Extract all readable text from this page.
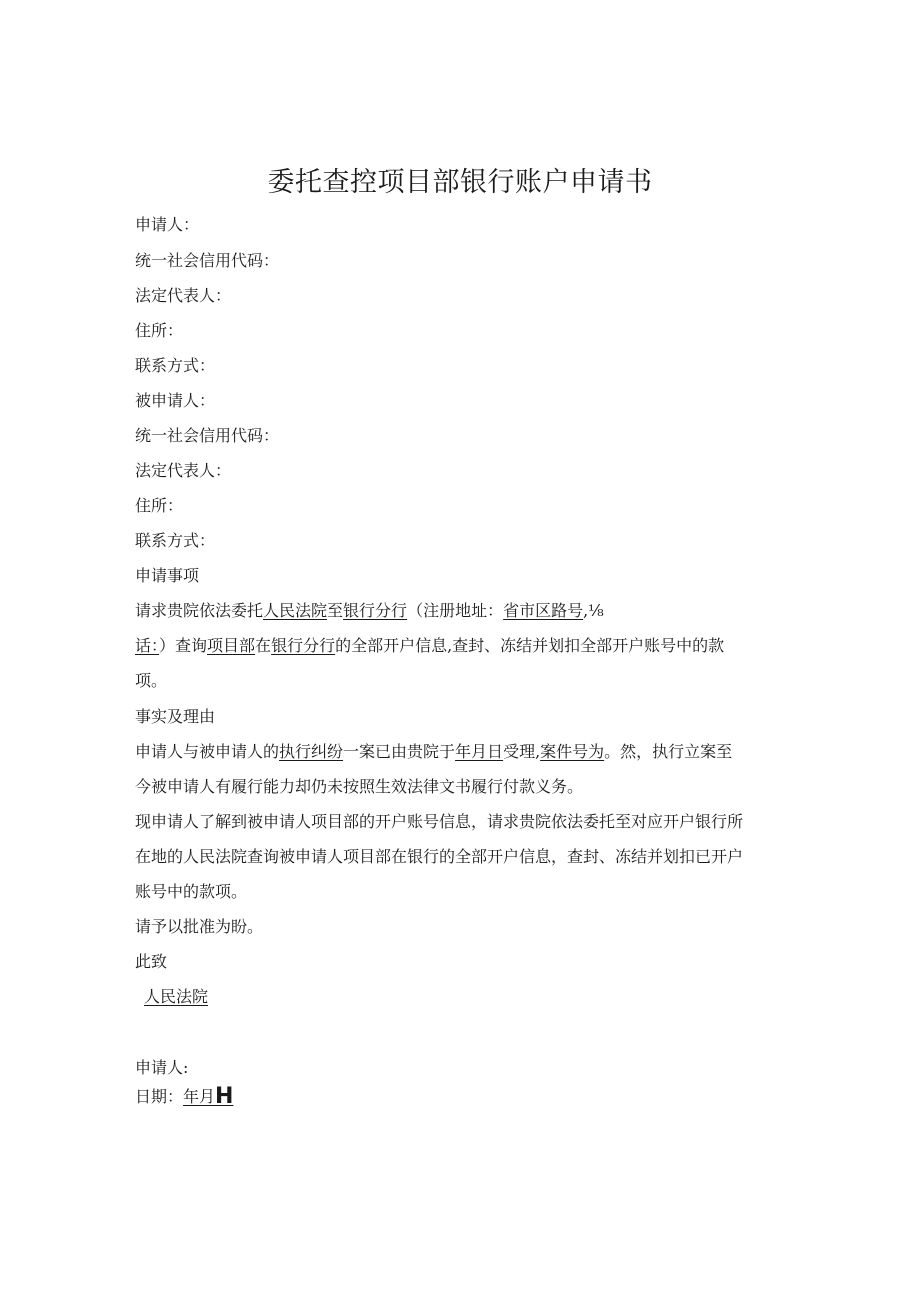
委托查控项目部银行账户申请书
申请人：
统一社会信用代码：
法定代表人：
住所：
联系方式：
被申请人：
统一社会信用代码：
法定代表人：
住所：
联系方式：
申请事项
请求贵院依法委托人民法院至银行分行（注册地址：省市区路号,⅛
话：）查询项目部在银行分行的全部开户信息,查封、冻结并划扣全部开户账号中的款
项。
事实及理由
申请人与被申请人的执行纠纷一案已由贵院于年月日受理,案件号为。然，执行立案至
今被申请人有履行能力却仍未按照生效法律文书履行付款义务。
现申请人了解到被申请人项目部的开户账号信息，请求贵院依法委托至对应开户银行所
在地的人民法院查询被申请人项目部在银行的全部开户信息，查封、冻结并划扣已开户
账号中的款项。
请予以批准为盼。
此致
人民法院
申请人:
日期：年月H
